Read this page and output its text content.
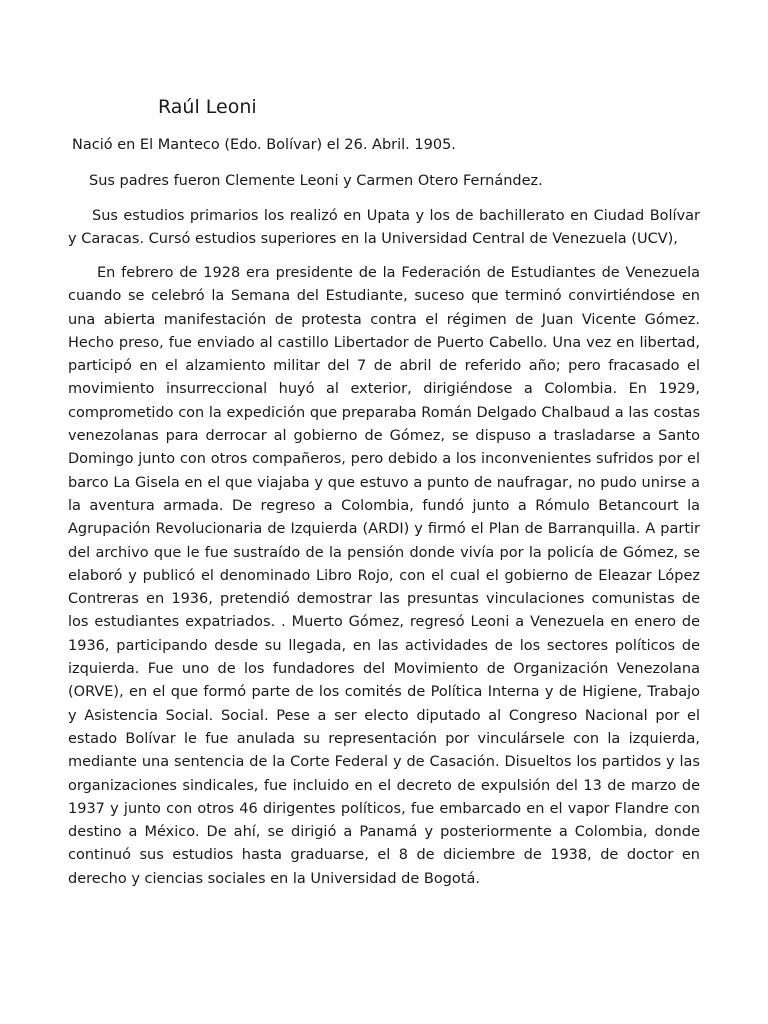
Raúl Leoni

Nació en El Manteco (Edo. Bolívar) el 26. Abril. 1905.

Sus padres fueron Clemente Leoni y Carmen Otero Fernández.

Sus estudios primarios los realizó en Upata y los de bachillerato en Ciudad Bolívar y Caracas. Cursó estudios superiores en la Universidad Central de Venezuela (UCV),

En febrero de 1928 era presidente de la Federación de Estudiantes de Venezuela cuando se celebró la Semana del Estudiante, suceso que terminó convirtiéndose en una abierta manifestación de protesta contra el régimen de Juan Vicente Gómez. Hecho preso, fue enviado al castillo Libertador de Puerto Cabello. Una vez en libertad, participó en el alzamiento militar del 7 de abril de referido año; pero fracasado el movimiento insurreccional huyó al exterior, dirigiéndose a Colombia. En 1929, comprometido con la expedición que preparaba Román Delgado Chalbaud a las costas venezolanas para derrocar al gobierno de Gómez, se dispuso a trasladarse a Santo Domingo junto con otros compañeros, pero debido a los inconvenientes sufridos por el barco La Gisela en el que viajaba y que estuvo a punto de naufragar, no pudo unirse a la aventura armada. De regreso a Colombia, fundó junto a Rómulo Betancourt la Agrupación Revolucionaria de Izquierda (ARDI) y firmó el Plan de Barranquilla. A partir del archivo que le fue sustraído de la pensión donde vivía por la policía de Gómez, se elaboró y publicó el denominado Libro Rojo, con el cual el gobierno de Eleazar López Contreras en 1936, pretendió demostrar las presuntas vinculaciones comunistas de los estudiantes expatriados. . Muerto Gómez, regresó Leoni a Venezuela en enero de 1936, participando desde su llegada, en las actividades de los sectores políticos de izquierda. Fue uno de los fundadores del Movimiento de Organización Venezolana (ORVE), en el que formó parte de los comités de Política Interna y de Higiene, Trabajo y Asistencia Social. Social. Pese a ser electo diputado al Congreso Nacional por el estado Bolívar le fue anulada su representación por vinculársele con la izquierda, mediante una sentencia de la Corte Federal y de Casación. Disueltos los partidos y las organizaciones sindicales, fue incluido en el decreto de expulsión del 13 de marzo de 1937 y junto con otros 46 dirigentes políticos, fue embarcado en el vapor Flandre con destino a México. De ahí, se dirigió a Panamá y posteriormente a Colombia, donde continuó sus estudios hasta graduarse, el 8 de diciembre de 1938, de doctor en derecho y ciencias sociales en la Universidad de Bogotá.
